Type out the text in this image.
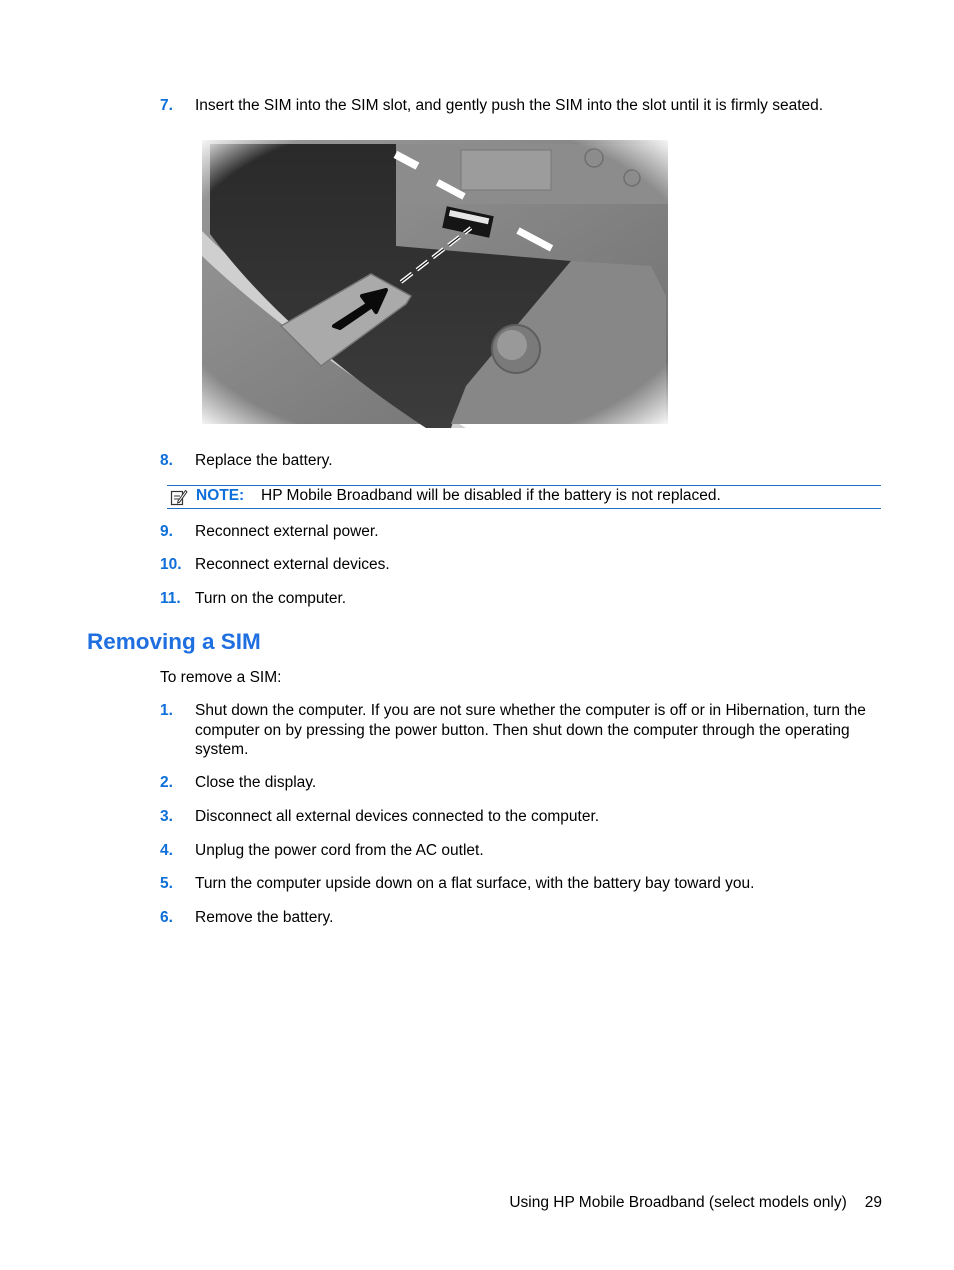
7. Insert the SIM into the SIM slot, and gently push the SIM into the slot until it is firmly seated.
8. Replace the battery.
NOTE: HP Mobile Broadband will be disabled if the battery is not replaced.
9. Reconnect external power.
10. Reconnect external devices.
11. Turn on the computer.
Removing a SIM
To remove a SIM:
1. Shut down the computer. If you are not sure whether the computer is off or in Hibernation, turn the computer on by pressing the power button. Then shut down the computer through the operating system.
2. Close the display.
3. Disconnect all external devices connected to the computer.
4. Unplug the power cord from the AC outlet.
5. Turn the computer upside down on a flat surface, with the battery bay toward you.
6. Remove the battery.
Using HP Mobile Broadband (select models only) 29
